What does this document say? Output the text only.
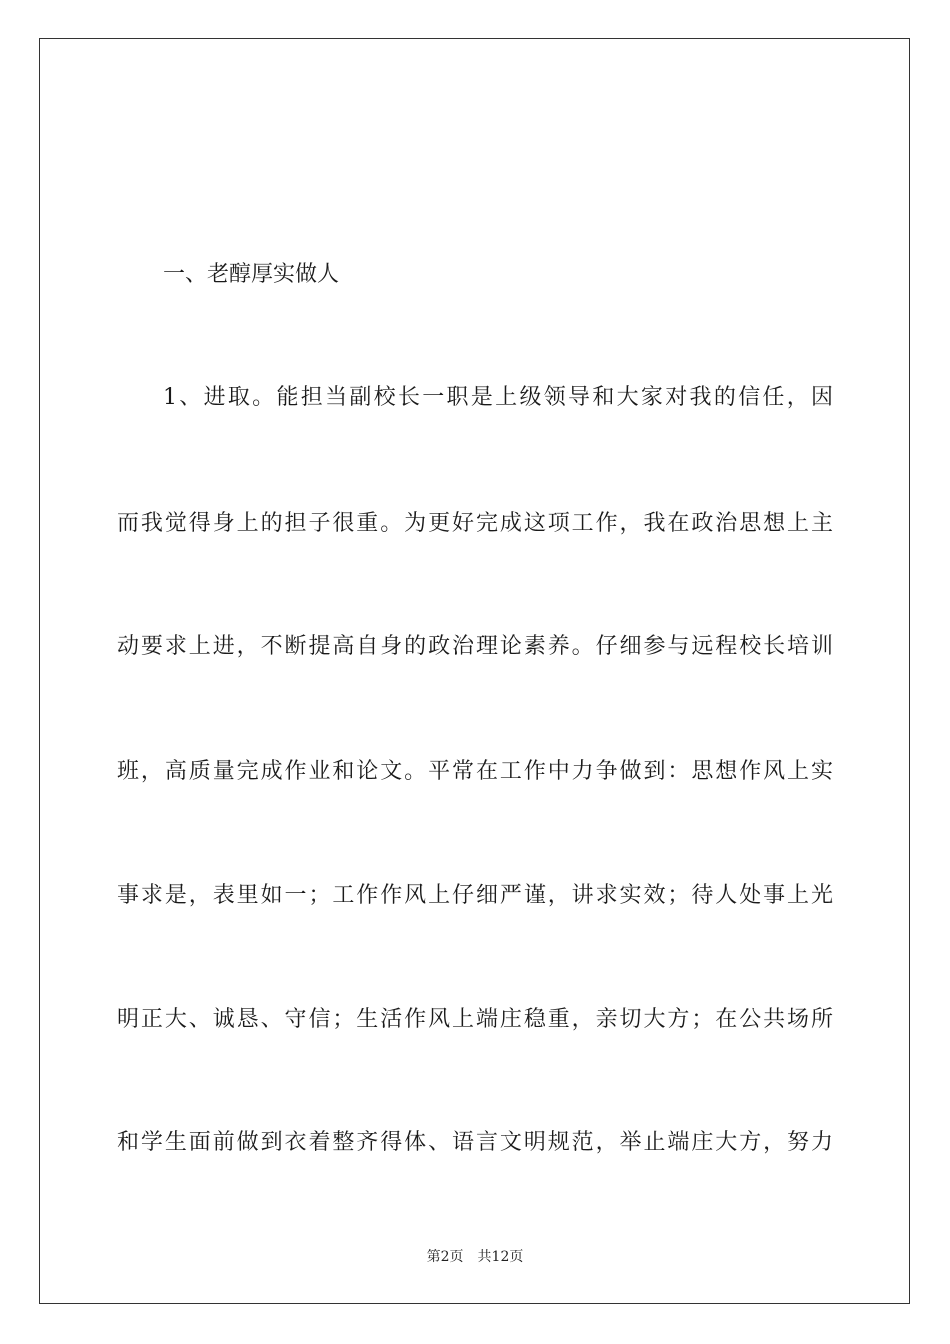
一、老醇厚实做人
1、进取。能担当副校长一职是上级领导和大家对我的信任，因
而我觉得身上的担子很重。为更好完成这项工作，我在政治思想上主
动要求上进，不断提高自身的政治理论素养。仔细参与远程校长培训
班，高质量完成作业和论文。平常在工作中力争做到：思想作风上实
事求是，表里如一；工作作风上仔细严谨，讲求实效；待人处事上光
明正大、诚恳、守信；生活作风上端庄稳重，亲切大方；在公共场所
和学生面前做到衣着整齐得体、语言文明规范，举止端庄大方，努力
第2页 共12页
